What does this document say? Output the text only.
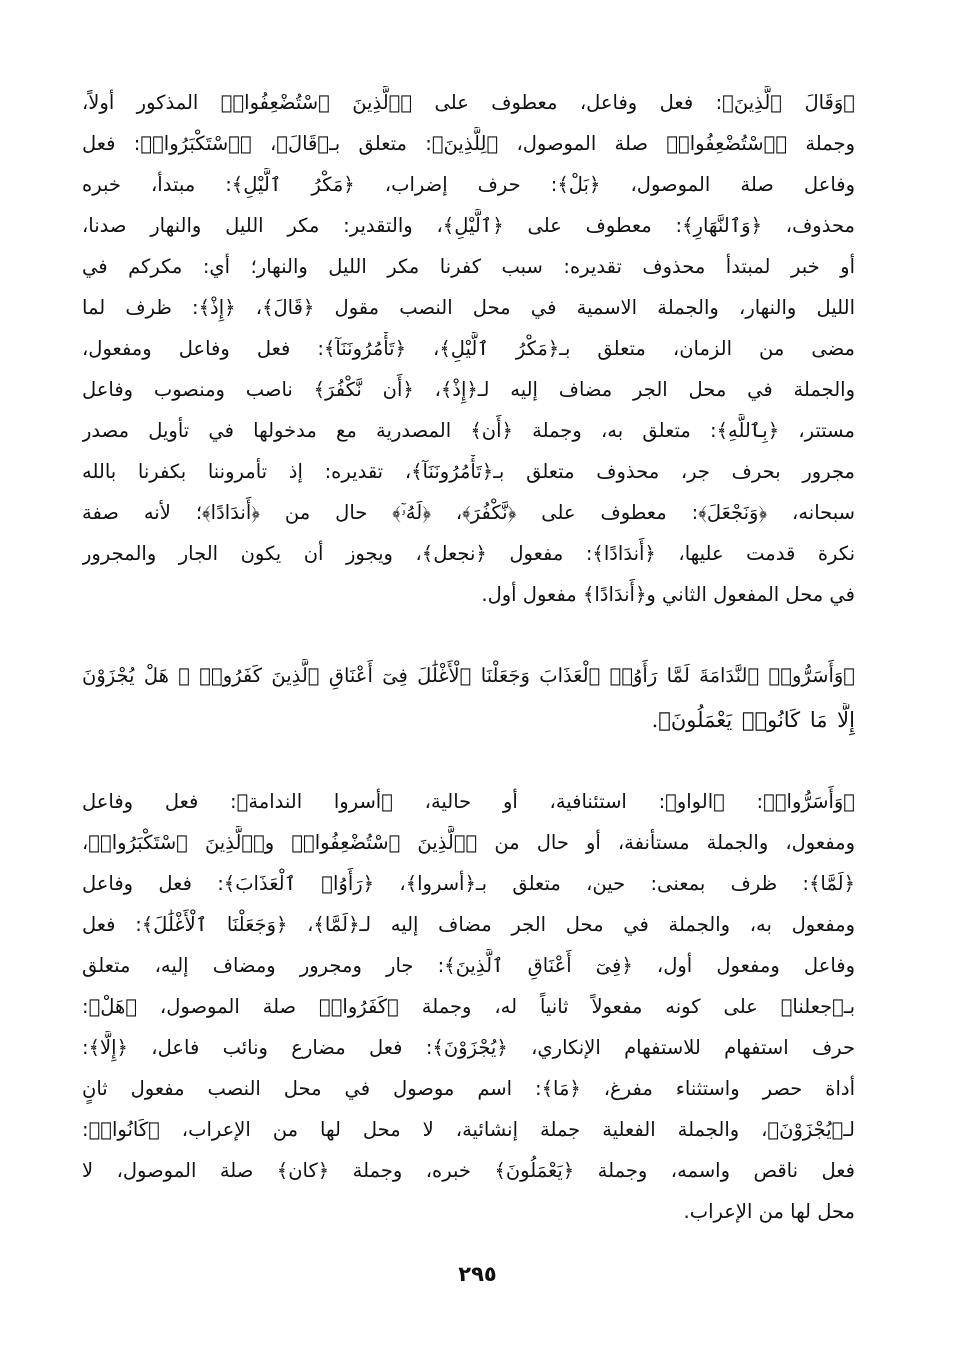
﴿وَقَالَ ٱلَّذِينَ﴾: فعل وفاعل، معطوف على ﴿ٱلَّذِينَ ٱسْتُضْعِفُوا۟﴾ المذكور أولاً،
وجملة ﴿ٱسْتُضْعِفُوا۟﴾ صلة الموصول، ﴿لِلَّذِينَ﴾: متعلق بـ﴿قَالَ﴾، ﴿ٱسْتَكْبَرُوا۟﴾: فعل
وفاعل صلة الموصول، ﴿بَلْ﴾: حرف إضراب، ﴿مَكْرُ ٱلَّيْلِ﴾: مبتدأ، خبره
محذوف، ﴿وَٱلنَّهَارِ﴾: معطوف على ﴿ٱلَّيْلِ﴾، والتقدير: مكر الليل والنهار صدنا،
أو خبر لمبتدأ محذوف تقديره: سبب كفرنا مكر الليل والنهار؛ أي: مكركم في
الليل والنهار، والجملة الاسمية في محل النصب مقول ﴿قَالَ﴾، ﴿إِذْ﴾: ظرف لما
مضى من الزمان، متعلق بـ﴿مَكْرُ ٱلَّيْلِ﴾، ﴿تَأْمُرُونَنَآ﴾: فعل وفاعل ومفعول،
والجملة في محل الجر مضاف إليه لـ﴿إِذْ﴾، ﴿أَن نَّكْفُرَ﴾ ناصب ومنصوب وفاعل
مستتر، ﴿بِٱللَّهِ﴾: متعلق به، وجملة ﴿أَن﴾ المصدرية مع مدخولها في تأويل مصدر
مجرور بحرف جر، محذوف متعلق بـ﴿تَأْمُرُونَنَآ﴾، تقديره: إذ تأمروننا بكفرنا بالله
سبحانه، ﴿وَنَجْعَلَ﴾: معطوف على ﴿نَّكْفُرَ﴾، ﴿لَهُۥٓ﴾ حال من ﴿أَندَادًا﴾؛ لأنه صفة
نكرة قدمت عليها، ﴿أَندَادًا﴾: مفعول ﴿نجعل﴾، ويجوز أن يكون الجار والمجرور
في محل المفعول الثاني و﴿أَندَادًا﴾ مفعول أول.
﴿وَأَسَرُّوا۟ ٱلنَّدَامَةَ لَمَّا رَأَوُا۟ ٱلْعَذَابَ وَجَعَلْنَا ٱلْأَغْلَٰلَ فِىٓ أَعْنَاقِ ٱلَّذِينَ كَفَرُوا۟ ۚ هَلْ يُجْزَوْنَ
إِلَّا مَا كَانُوا۟ يَعْمَلُونَ﴾.
﴿وَأَسَرُّوا۟﴾: ﴿الواو﴾: استئنافية، أو حالية، ﴿أسروا الندامة﴾: فعل وفاعل
ومفعول، والجملة مستأنفة، أو حال من ﴿ٱلَّذِينَ ٱسْتُضْعِفُوا۟﴾ و﴿ٱلَّذِينَ ٱسْتَكْبَرُوا۟﴾،
﴿لَمَّا﴾: ظرف بمعنى: حين، متعلق بـ﴿أسروا﴾، ﴿رَأَوُا۟ ٱلْعَذَابَ﴾: فعل وفاعل
ومفعول به، والجملة في محل الجر مضاف إليه لـ﴿لَمَّا﴾، ﴿وَجَعَلْنَا ٱلْأَغْلَٰلَ﴾: فعل
وفاعل ومفعول أول، ﴿فِىٓ أَعْنَاقِ ٱلَّذِينَ﴾: جار ومجرور ومضاف إليه، متعلق
بـ﴿جعلنا﴾ على كونه مفعولاً ثانياً له، وجملة ﴿كَفَرُوا۟﴾ صلة الموصول، ﴿هَلْ﴾:
حرف استفهام للاستفهام الإنكاري، ﴿يُجْزَوْنَ﴾: فعل مضارع ونائب فاعل، ﴿إِلَّا﴾:
أداة حصر واستثناء مفرغ، ﴿مَا﴾: اسم موصول في محل النصب مفعول ثانٍ
لـ﴿يُجْزَوْنَ﴾، والجملة الفعلية جملة إنشائية، لا محل لها من الإعراب، ﴿كَانُوا۟﴾:
فعل ناقص واسمه، وجملة ﴿يَعْمَلُونَ﴾ خبره، وجملة ﴿كان﴾ صلة الموصول، لا
محل لها من الإعراب.
٢٩٥
